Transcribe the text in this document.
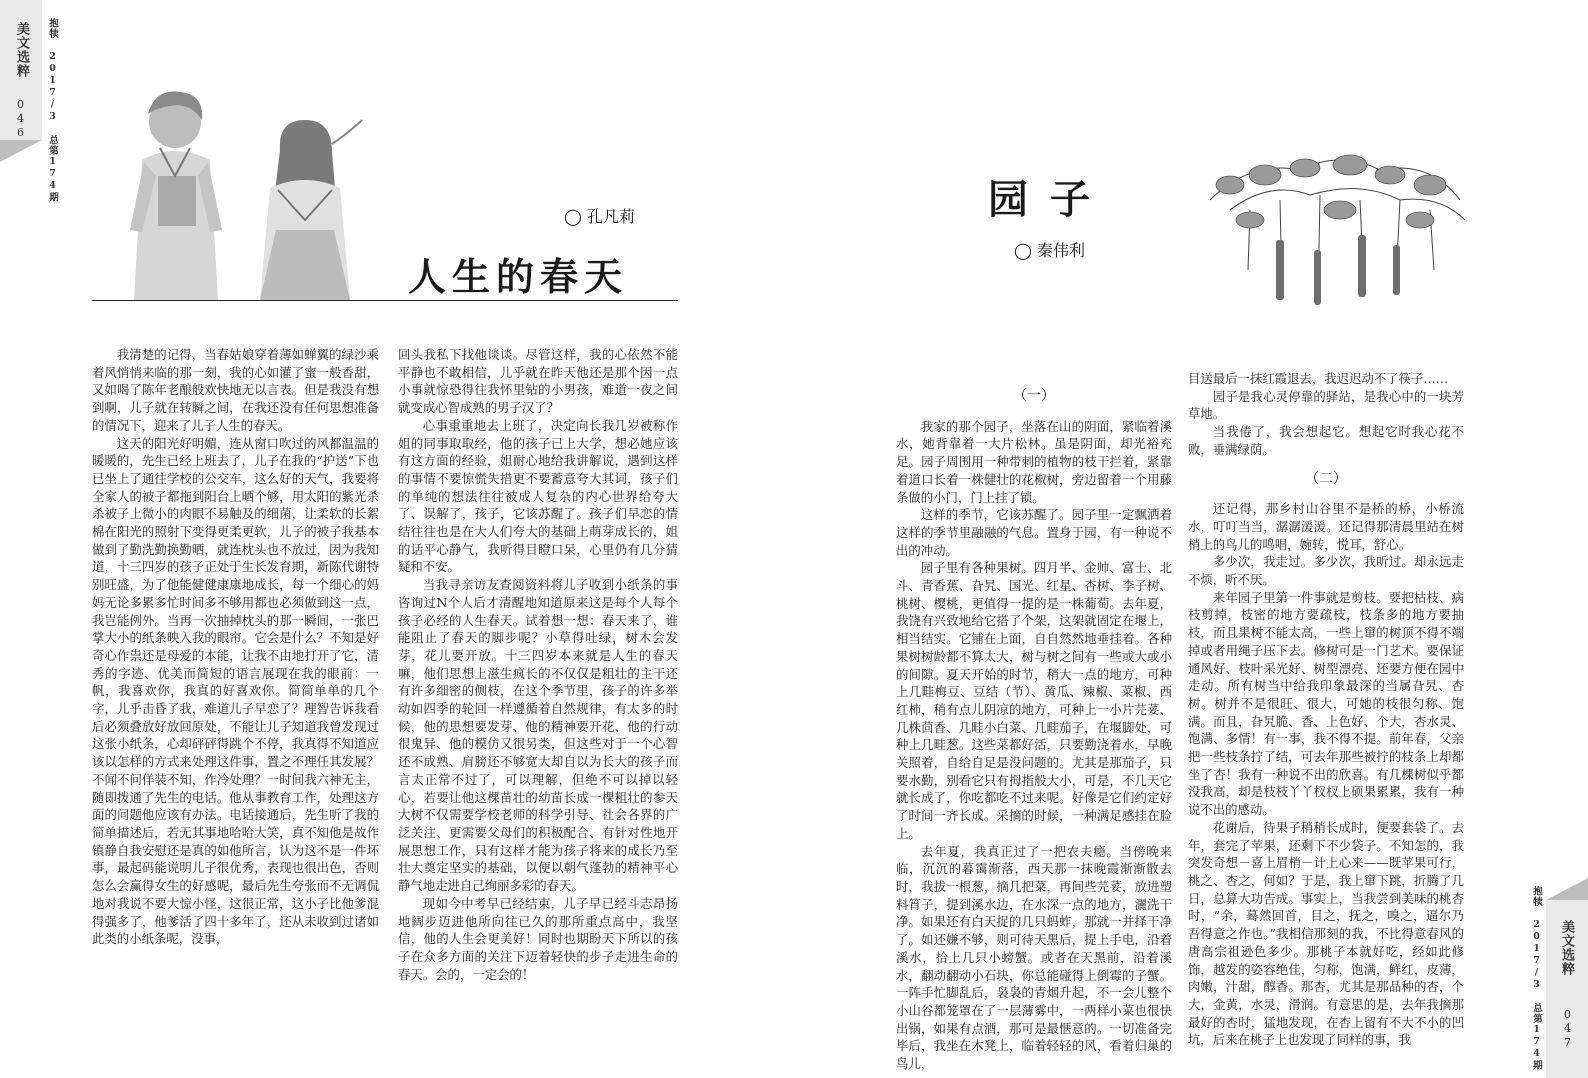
美文选粹
046 抱犊 2017/3 总第174期
美文选粹
047
抱犊 2017/3 总第174期
◯ 孔凡莉
人生的春天

我清楚的记得，当春姑娘穿着薄如蝉翼的绿沙乘着风悄悄来临的那一刻，我的心如灌了蜜一般香甜，又如喝了陈年老酿般欢快地无以言表。但是我没有想到啊，儿子就在转瞬之间，在我还没有任何思想准备的情况下，迎来了儿子人生的春天。

这天的阳光好明媚，连从窗口吹过的风都温温的暖暖的，先生已经上班去了，儿子在我的“护送”下也已坐上了通往学校的公交车，这么好的天气，我要将全家人的被子都拖到阳台上晒个够，用太阳的紫光杀杀被子上微小的肉眼不易触及的细菌，让柔软的长絮棉在阳光的照射下变得更柔更软，儿子的被子我基本做到了勤洗勤换勤晒，就连枕头也不放过，因为我知道，十三四岁的孩子正处于生长发育期，新陈代谢特别旺盛，为了他能健健康康地成长，每一个细心的妈妈无论多累多忙时间多不够用都也必须做到这一点，我岂能例外。当再一次抽掉枕头的那一瞬间，一张巴掌大小的纸条映入我的眼帘。它会是什么？不知是好奇心作祟还是母爱的本能，让我不由地打开了它，清秀的字迹、优美而简短的语言展现在我的眼前：一帆，我喜欢你，我真的好喜欢你。简简单单的几个字，儿乎击昏了我，难道儿子早恋了？理智告诉我看后必须叠放好放回原处，不能让儿子知道我曾发现过这张小纸条，心却砰砰得跳个不停，我真得不知道应该以怎样的方式来处理这件事，置之不理任其发展？不闻不问佯装不知，作冷处理？一时间我六神无主，随即拨通了先生的电话。他从事教育工作，处理这方面的问题他应该有办法。电话接通后，先生听了我的简单描述后，若无其事地哈哈大笑，真不知他是故作镇静自我安慰还是真的如他所言，认为这不是一件坏事，最起码能说明儿子很优秀，表现也很出色，否则怎么会赢得女生的好感呢，最后先生夸张而不无调侃地对我说不要大惊小怪，这很正常，这小子比他爹混得强多了，他爹活了四十多年了，还从未收到过诸如此类的小纸条呢，没事，

回头我私下找他谈谈。尽管这样，我的心依然不能平静也不敢相信，儿乎就在昨天他还是那个因一点小事就惊恐得往我怀里钻的小男孩，难道一夜之间就变成心智成熟的男子汉了？

心事重重地去上班了，决定向长我几岁被称作姐的同事取取经，他的孩子已上大学，想必她应该有这方面的经验，姐耐心地给我讲解说，遇到这样的事情不要惊慌失措更不要蓄意夸大其词，孩子们的单纯的想法往往被成人复杂的内心世界给夸大了、误解了，孩子，它该苏醒了。孩子们早恋的情结往往也是在大人们夸大的基础上萌芽成长的，姐的话平心静气，我听得目瞪口呆，心里仍有几分猜疑和不安。

当我寻亲访友查阅资料将儿子收到小纸条的事咨询过N个人后才清醒地知道原来这是每个人每个孩子必经的人生春天。试着想一想：春天来了，谁能阻止了春天的脚步呢？小草得吐绿，树木会发芽，花儿要开放。十三四岁本来就是人生的春天嘛，他们思想上滋生疯长的不仅仅是粗壮的主干还有许多细密的侧枝，在这个季节里，孩子的许多举动如四季的轮回一样遵循着自然规律，有太多的时候，他的思想要发芽、他的精神要开花、他的行动很鬼异、他的模仿又很另类，但这些对于一个心智还不成熟、肩膀还不够宽大却自以为长大的孩子而言太正常不过了，可以理解，但绝不可以掉以轻心，若要让他这棵苗壮的幼苗长成一棵粗壮的参天大树不仅需要学校老师的科学引导、社会各界的广泛关注、更需要父母们的积极配合、有针对性地开展思想工作，只有这样才能为孩子将来的成长乃至壮大奠定坚实的基础，以便以朝气蓬勃的精神平心静气地走进自己绚丽多彩的春天。

现如今中考早已经结束，儿子早已经斗志昂扬地阔步迈进他所向往已久的那所重点高中，我坚信，他的人生会更美好！同时也期盼天下所以的孩子在众多方面的关注下迈着轻快的步子走进生命的春天。会的，一定会的！

园子
◯ 秦伟利

（一）

我家的那个园子，坐落在山的阴面，紧临着溪水，她背靠着一大片松林。虽是阴面，却光裕充足。园子周围用一种带刺的植物的枝干拦着，紧靠着道口长着一株健壮的花椒树，旁边留着一个用藤条做的小门，门上挂了锁。

这样的季节，它该苏醒了。园子里一定飘洒着这样的季节里融融的气息。置身于园，有一种说不出的冲动。

园子里有各种果树。四月半、金帅、富士、北斗、青香蕉、旮旯、国光、红星、杏树、李子树、桃树、樱桃，更值得一提的是一株葡萄。去年夏，我饶有兴致地给它搭了个架，这架就固定在堰上，相当结实。它铺在上面，自自然然地垂挂着。各种果树树龄都不算太大，树与树之间有一些或大或小的间隙。夏天开始的时节，稍大一点的地方，可种上几畦梅豆、豆结（节）、黄瓜、辣椒、菜椒、西红柿，稍有点儿阴凉的地方，可种上一小片芫荽、几株茴香、几畦小白菜、几畦茄子，在堰脚处，可种上几畦葱。这些菜都好活，只要勤浇着水，早晚关照着，自给自足是没问题的。尤其是那茄子，只要水勤，别看它只有拇指般大小，可是，不几天它就长成了，你吃都吃不过来呢。好像是它们约定好了时间一齐长成。采摘的时候，一种满足感挂在脸上。

去年夏，我真正过了一把农夫瘾。当傍晚来临，沉沉的暮霭渐落，西天那一抹晚霞渐渐散去时，我拔一根葱，摘几把菜，再间些芫荽，放进塑料筲子，提到溪水边，在水深一点的地方，灑洗干净。如果还有白天捉的几只蚂蚱，那就一并择干净了。如还嫌不够，则可待天黑后，提上手电，沿着溪水，拾上几只小螃蟹。或者在天黑前，沿着溪水，翻动翻动小石块，你总能碰得上倒霉的子蟹。一阵手忙脚乱后，袅袅的青烟升起，不一会儿整个小山谷都笼罩在了一层薄雾中，一两样小菜也很快出锅，如果有点酒，那可是最惬意的。一切准备完毕后，我坐在木凳上，临着轻轻的风，看着归巢的鸟儿，

目送最后一抹红霞退去，我迟迟动不了筷子……

园子是我心灵停靠的驿站，是我心中的一块芳草地。

当我倦了，我会想起它。想起它时我心花不败，垂满绿荫。

（二）

还记得，那乡村山谷里不是桥的桥，小桥流水，叮叮当当，潺潺湲湲。还记得那清晨里站在树梢上的鸟儿的鸣唱，婉转，悦耳，舒心。

多少次，我走过。多少次，我听过。却永远走不烦，听不厌。

来年园子里第一件事就是剪枝。要把枯枝、病枝剪掉，枝密的地方要疏枝，枝条多的地方要抽枝，而且果树不能太高，一些上窜的树顶不得不端掉或者用绳子压下去。修树可是一门艺术。要保证通风好、枝叶采光好、树型漂亮、还要方便在园中走动。所有树当中给我印象最深的当属旮旯、杏树。树并不是很旺、很大，可她的枝很匀称、饱满。而且，旮旯脆、香、上色好、个大，杏水灵、饱满、多情！有一事，我不得不提。前年春，父亲把一些枝条拧了结，可去年那些被拧的枝条上却都坐了杏！我有一种说不出的欣喜。有几棵树似乎都没我高，却是枝枝丫丫杈杈上硕果累累，我有一种说不出的感动。

花谢后，待果子稍稍长成时，便要套袋了。去年，套完了苹果，还剩下不少袋子。不知怎的，我突发奇想－喜上眉梢－计上心来——既苹果可行，桃之、杏之，何如？于是，我上窜下跳，折腾了几日，总算大功告成。事实上，当我尝到美味的桃杏时，“余，蓦然回首，目之，抚之，嗅之，逼尔乃吾得意之作也。”我相信那刻的我，不比得意春风的唐高宗祖逊色多少。那桃子本就好吃，经如此修饰，越发的姿容绝佳，匀称，饱满，鲜红，皮薄，肉嫩，汁甜，醇香。那杏，尤其是那品种的杏，个大，金黄，水灵，滑润。有意思的是，去年我摘那最好的杏时，猛地发现，在杏上留有不大不小的凹坑，后来在桃子上也发现了同样的事，我
